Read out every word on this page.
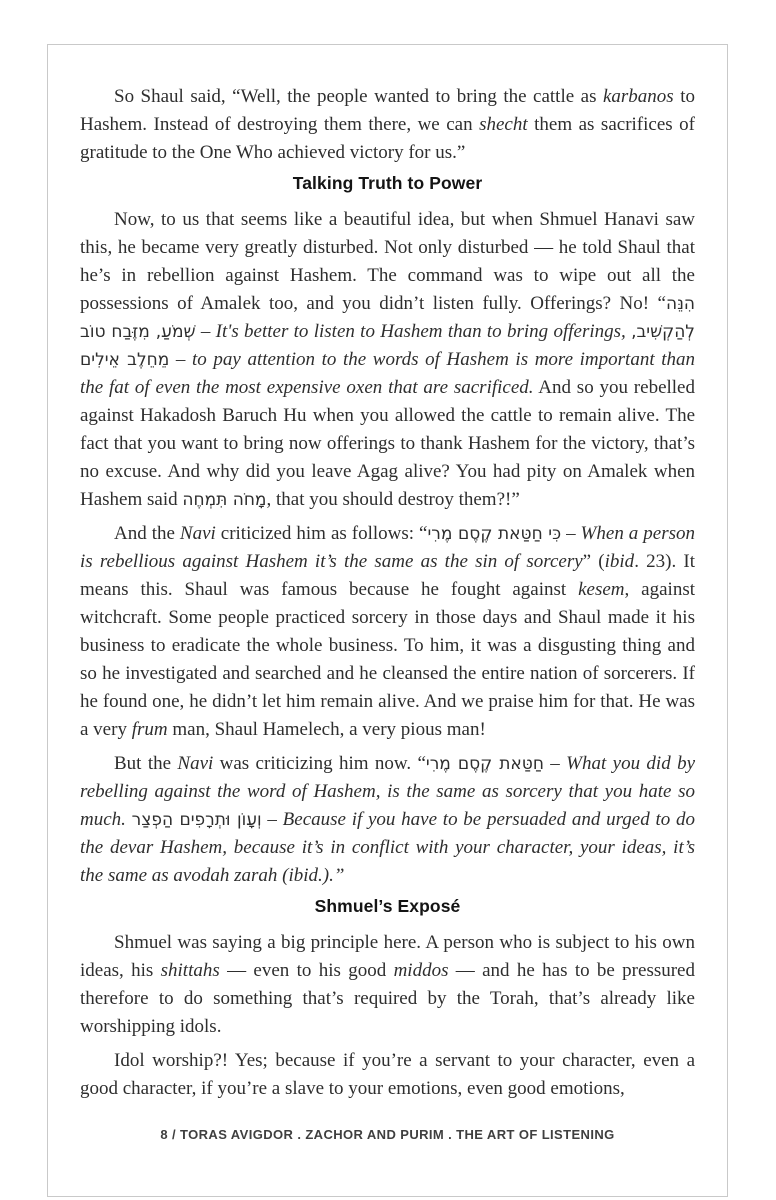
So Shaul said, “Well, the people wanted to bring the cattle as karbanos to Hashem. Instead of destroying them there, we can shecht them as sacrifices of gratitude to the One Who achieved victory for us.”

Talking Truth to Power

Now, to us that seems like a beautiful idea, but when Shmuel Hanavi saw this, he became very greatly disturbed. Not only disturbed — he told Shaul that he’s in rebellion against Hashem. The command was to wipe out all the possessions of Amalek too, and you didn’t listen fully. Offerings? No! “הִנֵּה שְׁמֹעַ, מִזֶּבַח טוֹב – It's better to listen to Hashem than to bring offerings, לְהַקְשִׁיב, מֵחֵלֶב אֵילִים – to pay attention to the words of Hashem is more important than the fat of even the most expensive oxen that are sacrificed. And so you rebelled against Hakadosh Baruch Hu when you allowed the cattle to remain alive. The fact that you want to bring now offerings to thank Hashem for the victory, that’s no excuse. And why did you leave Agag alive? You had pity on Amalek when Hashem said מָחֹה תִּמְחֶה, that you should destroy them?!”

And the Navi criticized him as follows: “כִּי חַטַּאת קֶסֶם מֶרִי – When a person is rebellious against Hashem it’s the same as the sin of sorcery” (ibid. 23). It means this. Shaul was famous because he fought against kesem, against witchcraft. Some people practiced sorcery in those days and Shaul made it his business to eradicate the whole business. To him, it was a disgusting thing and so he investigated and searched and he cleansed the entire nation of sorcerers. If he found one, he didn’t let him remain alive. And we praise him for that. He was a very frum man, Shaul Hamelech, a very pious man!

But the Navi was criticizing him now. “חַטַּאת קֶסֶם מֶרִי – What you did by rebelling against the word of Hashem, is the same as sorcery that you hate so much. וְעָוֹן וּתְרָפִים הַפְצַר – Because if you have to be persuaded and urged to do the devar Hashem, because it’s in conflict with your character, your ideas, it’s the same as avodah zarah (ibid.).”

Shmuel’s Exposé

Shmuel was saying a big principle here. A person who is subject to his own ideas, his shittahs — even to his good middos — and he has to be pressured therefore to do something that’s required by the Torah, that’s already like worshipping idols.

Idol worship?! Yes; because if you’re a servant to your character, even a good character, if you’re a slave to your emotions, even good emotions,

8 / TORAS AVIGDOR . ZACHOR AND PURIM . THE ART OF LISTENING
